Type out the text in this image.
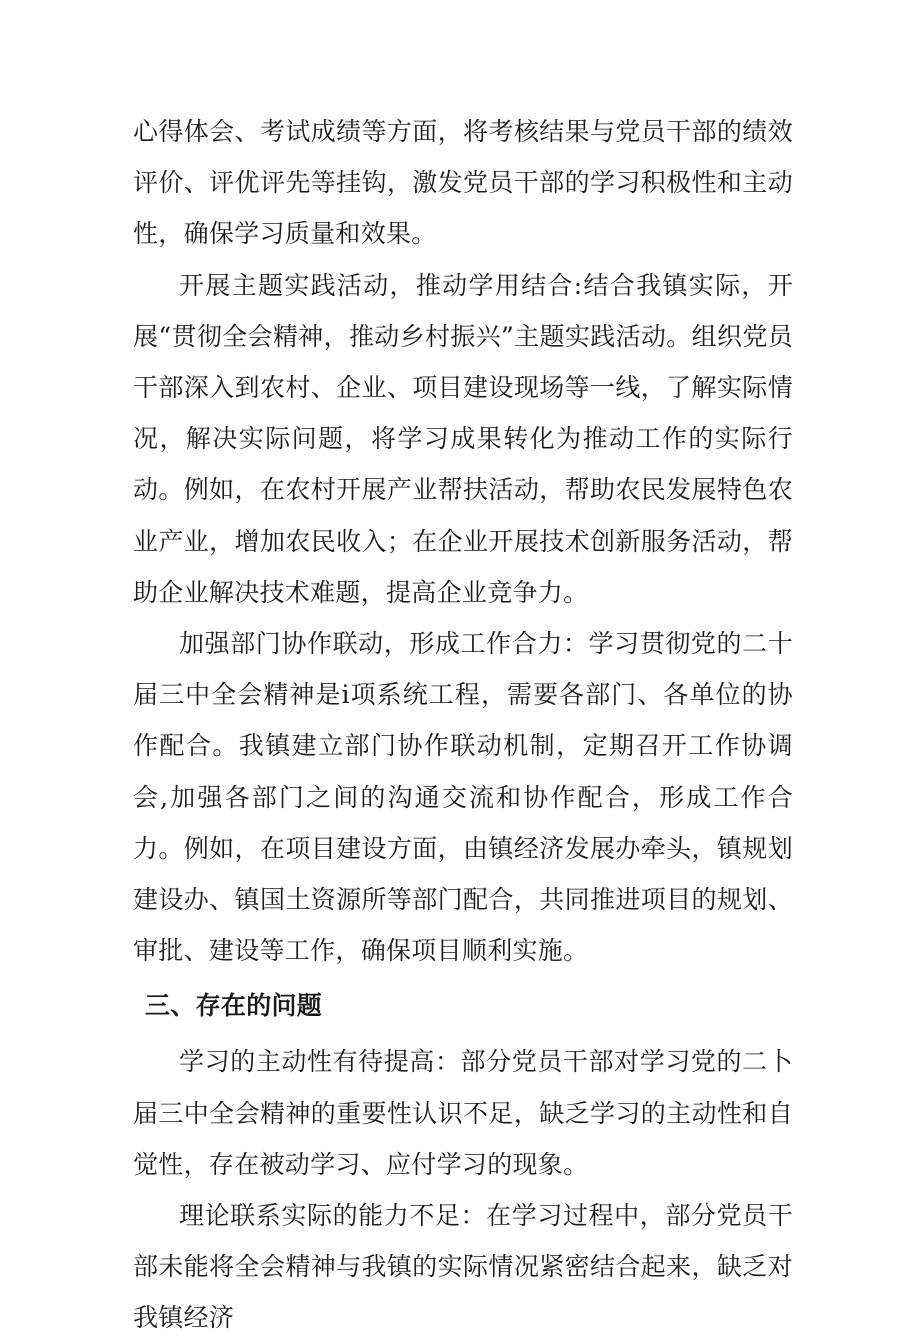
心得体会、考试成绩等方面，将考核结果与党员干部的绩效评价、评优评先等挂钩，激发党员干部的学习积极性和主动性，确保学习质量和效果。

开展主题实践活动，推动学用结合:结合我镇实际，开展“贯彻全会精神，推动乡村振兴”主题实践活动。组织党员干部深入到农村、企业、项目建设现场等一线，了解实际情况，解决实际问题，将学习成果转化为推动工作的实际行动。例如，在农村开展产业帮扶活动，帮助农民发展特色农业产业，增加农民收入；在企业开展技术创新服务活动，帮助企业解决技术难题，提高企业竞争力。

加强部门协作联动，形成工作合力：学习贯彻党的二十届三中全会精神是i项系统工程，需要各部门、各单位的协作配合。我镇建立部门协作联动机制，定期召开工作协调会,加强各部门之间的沟通交流和协作配合，形成工作合力。例如，在项目建设方面，由镇经济发展办牵头，镇规划建设办、镇国土资源所等部门配合，共同推进项目的规划、审批、建设等工作，确保项目顺利实施。

三、存在的问题

学习的主动性有待提高：部分党员干部对学习党的二卜届三中全会精神的重要性认识不足，缺乏学习的主动性和自觉性，存在被动学习、应付学习的现象。

理论联系实际的能力不足：在学习过程中，部分党员干部未能将全会精神与我镇的实际情况紧密结合起来，缺乏对我镇经济
